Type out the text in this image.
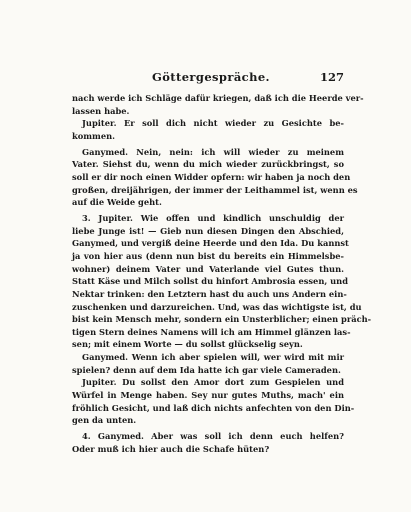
Göttergespräche.	127
nach werde ich Schläge dafür kriegen, daß ich die Heerde ver-
lassen habe.
Jupiter. Er soll dich nicht wieder zu Gesichte be-
kommen.
Ganymed. Nein, nein: ich will wieder zu meinem
Vater. Siehst du, wenn du mich wieder zurückbringst, so
soll er dir noch einen Widder opfern: wir haben ja noch den
großen, dreijährigen, der immer der Leithammel ist, wenn es
auf die Weide geht.
3. Jupiter. Wie offen und kindlich unschuldig der
liebe Junge ist! — Gieb nun diesen Dingen den Abschied,
Ganymed, und vergiß deine Heerde und den Ida. Du kannst
ja von hier aus (denn nun bist du bereits ein Himmelsbe-
wohner) deinem Vater und Vaterlande viel Gutes thun.
Statt Käse und Milch sollst du hinfort Ambrosia essen, und
Nektar trinken: den Letztern hast du auch uns Andern ein-
zuschenken und darzureichen. Und, was das wichtigste ist, du
bist kein Mensch mehr, sondern ein Unsterblicher; einen präch-
tigen Stern deines Namens will ich am Himmel glänzen las-
sen; mit einem Worte — du sollst glückselig seyn.
Ganymed. Wenn ich aber spielen will, wer wird mit mir
spielen? denn auf dem Ida hatte ich gar viele Cameraden.
Jupiter. Du sollst den Amor dort zum Gespielen und
Würfel in Menge haben. Sey nur gutes Muths, mach' ein
fröhlich Gesicht, und laß dich nichts anfechten von den Din-
gen da unten.
4. Ganymed. Aber was soll ich denn euch helfen?
Oder muß ich hier auch die Schafe hüten?
